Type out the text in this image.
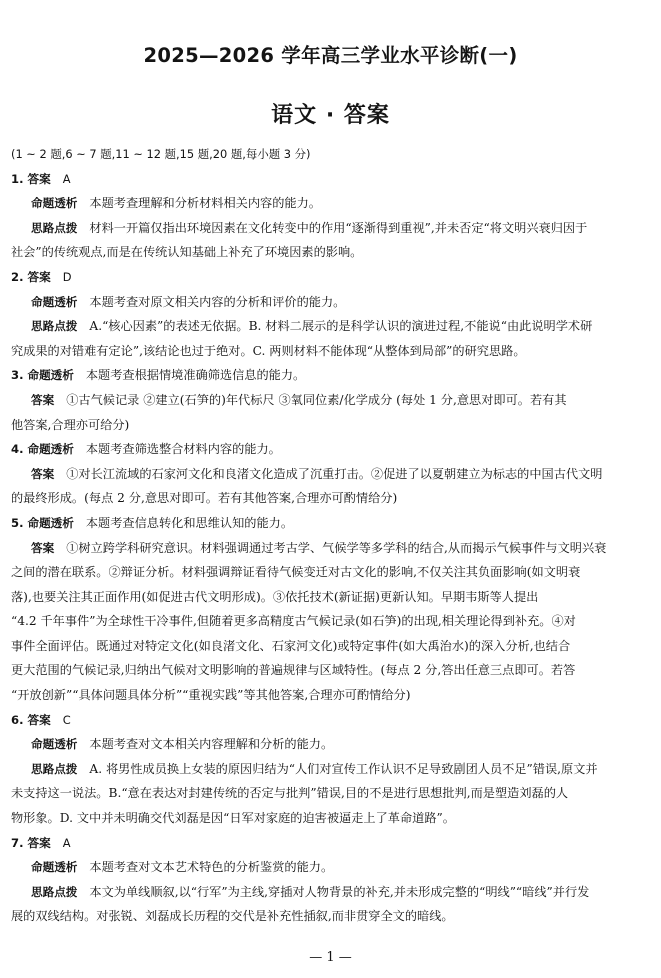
2025—2026 学年高三学业水平诊断(一)
语文 · 答案
(1 ~ 2 题,6 ~ 7 题,11 ~ 12 题,15 题,20 题,每小题 3 分)
1. 答案 A
命题透析 本题考查理解和分析材料相关内容的能力。
思路点拨 材料一开篇仅指出环境因素在文化转变中的作用“逐渐得到重视”,并未否定“将文明兴衰归因于
社会”的传统观点,而是在传统认知基础上补充了环境因素的影响。
2. 答案 D
命题透析 本题考查对原文相关内容的分析和评价的能力。
思路点拨 A.“核心因素”的表述无依据。B. 材料二展示的是科学认识的演进过程,不能说“由此说明学术研
究成果的对错难有定论”,该结论也过于绝对。C. 两则材料不能体现“从整体到局部”的研究思路。
3. 命题透析 本题考查根据情境准确筛选信息的能力。
答案 ①古气候记录 ②建立(石笋的)年代标尺 ③氧同位素/化学成分 (每处 1 分,意思对即可。若有其
他答案,合理亦可给分)
4. 命题透析 本题考查筛选整合材料内容的能力。
答案 ①对长江流域的石家河文化和良渚文化造成了沉重打击。②促进了以夏朝建立为标志的中国古代文明
的最终形成。(每点 2 分,意思对即可。若有其他答案,合理亦可酌情给分)
5. 命题透析 本题考查信息转化和思维认知的能力。
答案 ①树立跨学科研究意识。材料强调通过考古学、气候学等多学科的结合,从而揭示气候事件与文明兴衰
之间的潜在联系。②辩证分析。材料强调辩证看待气候变迁对古文化的影响,不仅关注其负面影响(如文明衰
落),也要关注其正面作用(如促进古代文明形成)。③依托技术(新证据)更新认知。早期韦斯等人提出
“4.2 千年事件”为全球性干冷事件,但随着更多高精度古气候记录(如石笋)的出现,相关理论得到补充。④对
事件全面评估。既通过对特定文化(如良渚文化、石家河文化)或特定事件(如大禹治水)的深入分析,也结合
更大范围的气候记录,归纳出气候对文明影响的普遍规律与区域特性。(每点 2 分,答出任意三点即可。若答
“开放创新”“具体问题具体分析”“重视实践”等其他答案,合理亦可酌情给分)
6. 答案 C
命题透析 本题考查对文本相关内容理解和分析的能力。
思路点拨 A. 将男性成员换上女装的原因归结为“人们对宣传工作认识不足导致剧团人员不足”错误,原文并
未支持这一说法。B.“意在表达对封建传统的否定与批判”错误,目的不是进行思想批判,而是塑造刘磊的人
物形象。D. 文中并未明确交代刘磊是因“日军对家庭的迫害被逼走上了革命道路”。
7. 答案 A
命题透析 本题考查对文本艺术特色的分析鉴赏的能力。
思路点拨 本文为单线顺叙,以“行军”为主线,穿插对人物背景的补充,并未形成完整的“明线”“暗线”并行发
展的双线结构。对张锐、刘磊成长历程的交代是补充性插叙,而非贯穿全文的暗线。
— 1 —
